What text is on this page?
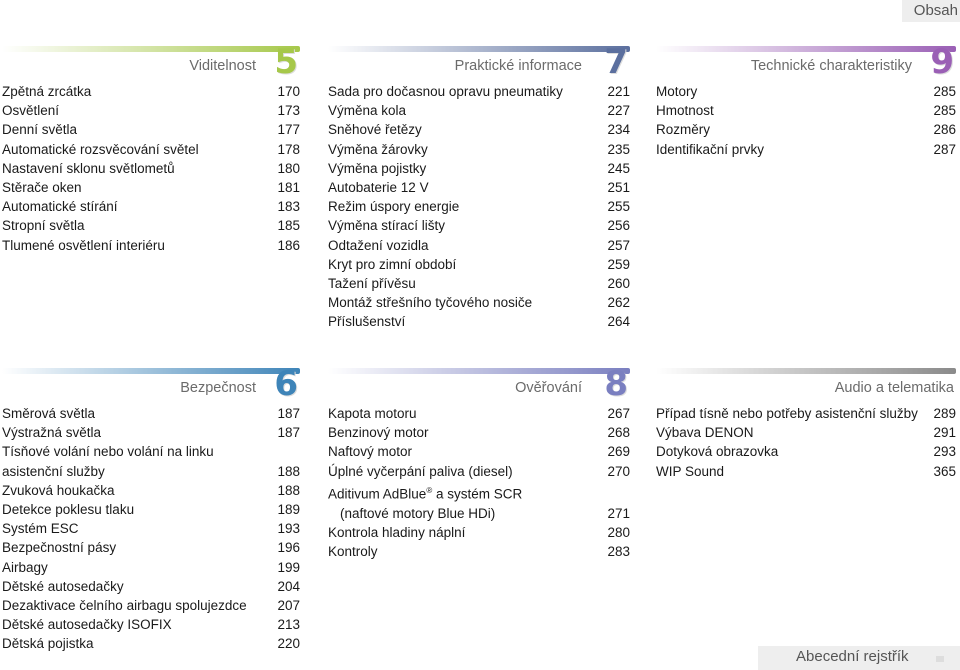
Obsah
Viditelnost 5
Zpětná zrcátka	170
Osvětlení	173
Denní světla	177
Automatické rozsvěcování světel	178
Nastavení sklonu světlometů	180
Stěrače oken	181
Automatické stírání	183
Stropní světla	185
Tlumené osvětlení interiéru	186
Praktické informace 7
Sada pro dočasnou opravu pneumatiky	221
Výměna kola	227
Sněhové řetězy	234
Výměna žárovky	235
Výměna pojistky	245
Autobaterie 12 V	251
Režim úspory energie	255
Výměna stírací lišty	256
Odtažení vozidla	257
Kryt pro zimní období	259
Tažení přívěsu	260
Montáž střešního tyčového nosiče	262
Příslušenství	264
Technické charakteristiky 9
Motory	285
Hmotnost	285
Rozměry	286
Identifikační prvky	287
Bezpečnost 6
Směrová světla	187
Výstražná světla	187
Tísňové volání nebo volání na linku
asistenční služby	188
Zvuková houkačka	188
Detekce poklesu tlaku	189
Systém ESC	193
Bezpečnostní pásy	196
Airbagy	199
Dětské autosedačky	204
Dezaktivace čelního airbagu spolujezdce	207
Dětské autosedačky ISOFIX	213
Dětská pojistka	220
Ověřování 8
Kapota motoru	267
Benzinový motor	268
Naftový motor	269
Úplné vyčerpání paliva (diesel)	270
Aditivum AdBlue® a systém SCR
(naftové motory Blue HDi)	271
Kontrola hladiny náplní	280
Kontroly	283
Audio a telematika
Případ tísně nebo potřeby asistenční služby	289
Výbava DENON	291
Dotyková obrazovka	293
WIP Sound	365
Abecední rejstřík
